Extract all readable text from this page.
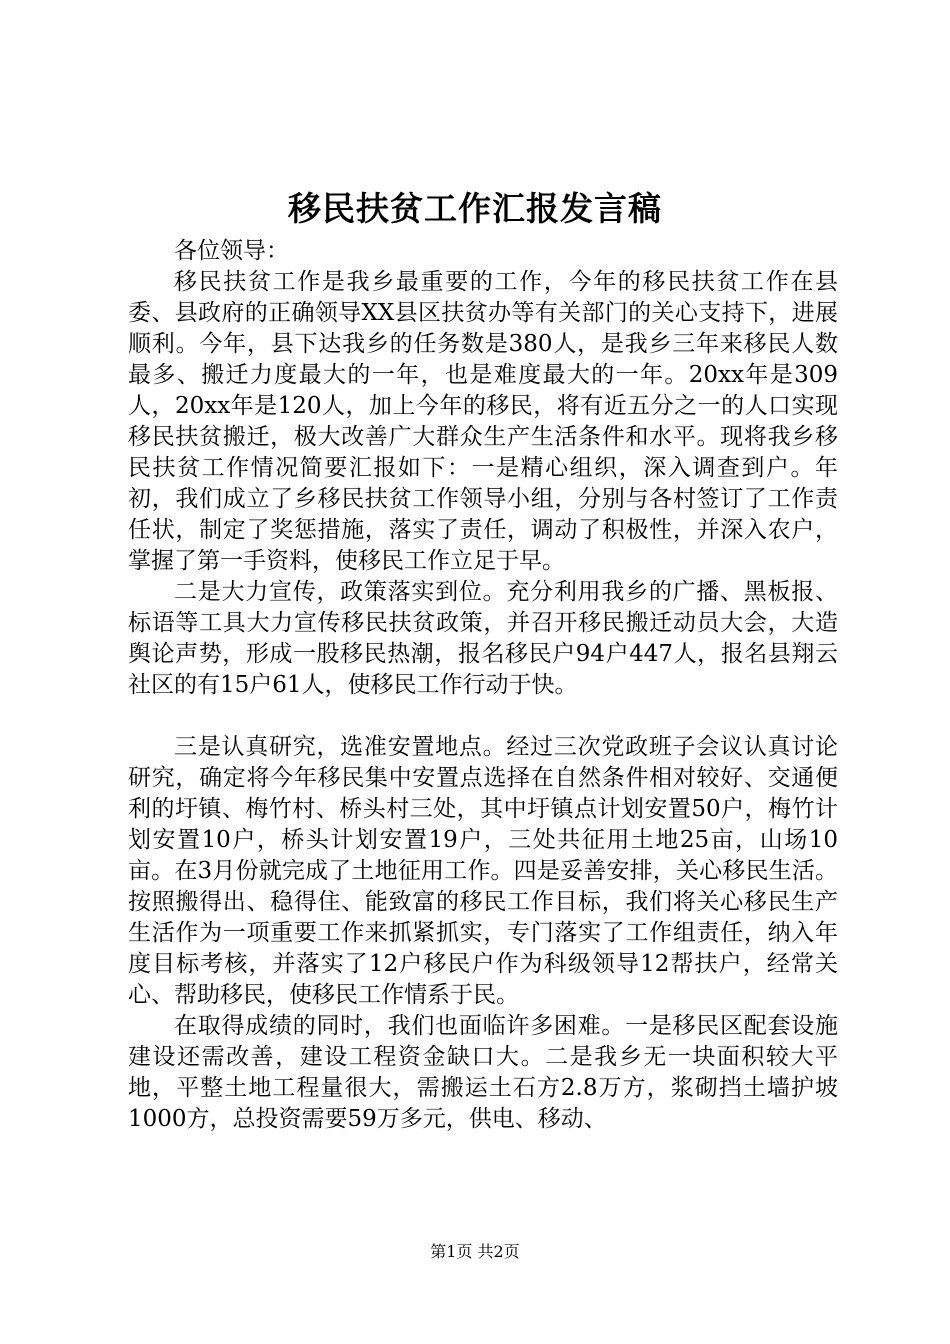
移民扶贫工作汇报发言稿

各位领导：

移民扶贫工作是我乡最重要的工作，今年的移民扶贫工作在县委、县政府的正确领导XX县区扶贫办等有关部门的关心支持下，进展顺利。今年，县下达我乡的任务数是380人，是我乡三年来移民人数最多、搬迁力度最大的一年，也是难度最大的一年。20xx年是309人，20xx年是120人，加上今年的移民，将有近五分之一的人口实现移民扶贫搬迁，极大改善广大群众生产生活条件和水平。现将我乡移民扶贫工作情况简要汇报如下：一是精心组织，深入调查到户。年初，我们成立了乡移民扶贫工作领导小组，分别与各村签订了工作责任状，制定了奖惩措施，落实了责任，调动了积极性，并深入农户，掌握了第一手资料，使移民工作立足于早。

二是大力宣传，政策落实到位。充分利用我乡的广播、黑板报、标语等工具大力宣传移民扶贫政策，并召开移民搬迁动员大会，大造舆论声势，形成一股移民热潮，报名移民户94户447人，报名县翔云社区的有15户61人，使移民工作行动于快。

三是认真研究，选准安置地点。经过三次党政班子会议认真讨论研究，确定将今年移民集中安置点选择在自然条件相对较好、交通便利的圩镇、梅竹村、桥头村三处，其中圩镇点计划安置50户，梅竹计划安置10户，桥头计划安置19户，三处共征用土地25亩，山场10亩。在3月份就完成了土地征用工作。四是妥善安排，关心移民生活。按照搬得出、稳得住、能致富的移民工作目标，我们将关心移民生产生活作为一项重要工作来抓紧抓实，专门落实了工作组责任，纳入年度目标考核，并落实了12户移民户作为科级领导12帮扶户，经常关心、帮助移民，使移民工作情系于民。

在取得成绩的同时，我们也面临许多困难。一是移民区配套设施建设还需改善，建设工程资金缺口大。二是我乡无一块面积较大平地，平整土地工程量很大，需搬运土石方2.8万方，浆砌挡土墙护坡1000方，总投资需要59万多元，供电、移动、

第1页 共2页
